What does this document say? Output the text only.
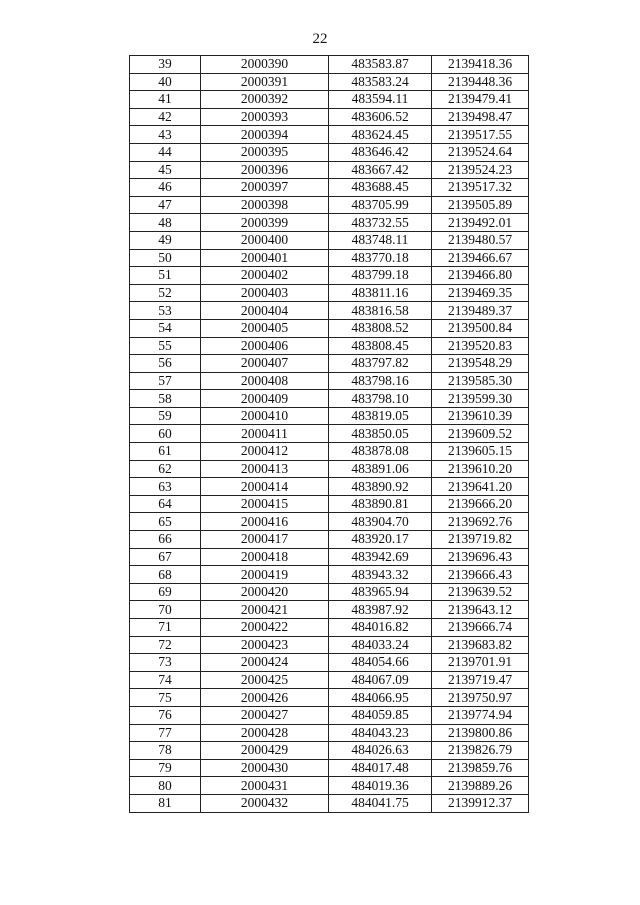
22
39	2000390	483583.87	2139418.36
40	2000391	483583.24	2139448.36
41	2000392	483594.11	2139479.41
42	2000393	483606.52	2139498.47
43	2000394	483624.45	2139517.55
44	2000395	483646.42	2139524.64
45	2000396	483667.42	2139524.23
46	2000397	483688.45	2139517.32
47	2000398	483705.99	2139505.89
48	2000399	483732.55	2139492.01
49	2000400	483748.11	2139480.57
50	2000401	483770.18	2139466.67
51	2000402	483799.18	2139466.80
52	2000403	483811.16	2139469.35
53	2000404	483816.58	2139489.37
54	2000405	483808.52	2139500.84
55	2000406	483808.45	2139520.83
56	2000407	483797.82	2139548.29
57	2000408	483798.16	2139585.30
58	2000409	483798.10	2139599.30
59	2000410	483819.05	2139610.39
60	2000411	483850.05	2139609.52
61	2000412	483878.08	2139605.15
62	2000413	483891.06	2139610.20
63	2000414	483890.92	2139641.20
64	2000415	483890.81	2139666.20
65	2000416	483904.70	2139692.76
66	2000417	483920.17	2139719.82
67	2000418	483942.69	2139696.43
68	2000419	483943.32	2139666.43
69	2000420	483965.94	2139639.52
70	2000421	483987.92	2139643.12
71	2000422	484016.82	2139666.74
72	2000423	484033.24	2139683.82
73	2000424	484054.66	2139701.91
74	2000425	484067.09	2139719.47
75	2000426	484066.95	2139750.97
76	2000427	484059.85	2139774.94
77	2000428	484043.23	2139800.86
78	2000429	484026.63	2139826.79
79	2000430	484017.48	2139859.76
80	2000431	484019.36	2139889.26
81	2000432	484041.75	2139912.37
